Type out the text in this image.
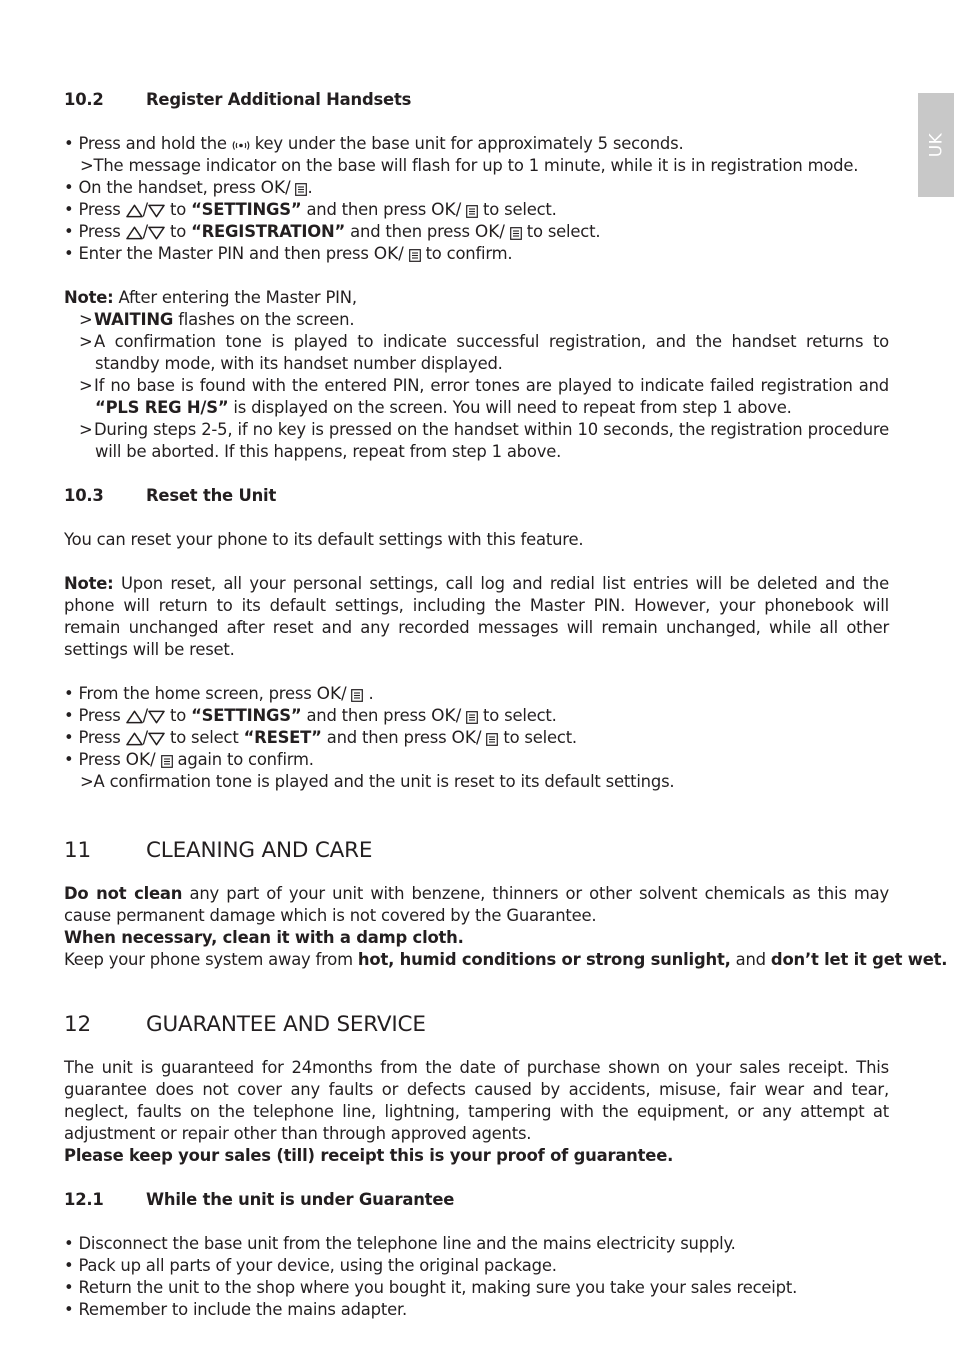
UK
10.2	Register Additional Handsets

• Press and hold the key under the base unit for approximately 5 seconds.

>The message indicator on the base will flash for up to 1 minute, while it is in registration mode.

• On the handset, press OK/ .

• Press / to “SETTINGS” and then press OK/ to select.

• Press / to “REGISTRATION” and then press OK/ to select.

• Enter the Master PIN and then press OK/ to confirm.

Note: After entering the Master PIN,

>WAITING flashes on the screen.

>A confirmation tone is played to indicate successful registration, and the handset returns to standby mode, with its handset number displayed.

>If no base is found with the entered PIN, error tones are played to indicate failed registration and “PLS REG H/S” is displayed on the screen. You will need to repeat from step 1 above.

>During steps 2-5, if no key is pressed on the handset within 10 seconds, the registration procedure will be aborted. If this happens, repeat from step 1 above.

10.3	Reset the Unit

You can reset your phone to its default settings with this feature.

Note: Upon reset, all your personal settings, call log and redial list entries will be deleted and the phone will return to its default settings, including the Master PIN. However, your phonebook will remain unchanged after reset and any recorded messages will remain unchanged, while all other settings will be reset.

• From the home screen, press OK/  .

• Press / to “SETTINGS” and then press OK/ to select.

• Press / to select “RESET” and then press OK/ to select.

• Press OK/ again to confirm.

>A confirmation tone is played and the unit is reset to its default settings.

11	CLEANING AND CARE

Do not clean any part of your unit with benzene, thinners or other solvent chemicals as this may cause permanent damage which is not covered by the Guarantee.

When necessary, clean it with a damp cloth.

Keep your phone system away from hot, humid conditions or strong sunlight, and don’t let it get wet.

12	GUARANTEE AND SERVICE

The unit is guaranteed for 24months from the date of purchase shown on your sales receipt. This guarantee does not cover any faults or defects caused by accidents, misuse, fair wear and tear, neglect, faults on the telephone line, lightning, tampering with the equipment, or any attempt at adjustment or repair other than through approved agents.

Please keep your sales (till) receipt this is your proof of guarantee.

12.1	While the unit is under Guarantee

• Disconnect the base unit from the telephone line and the mains electricity supply.

• Pack up all parts of your device, using the original package.

• Return the unit to the shop where you bought it, making sure you take your sales receipt.

• Remember to include the mains adapter.
